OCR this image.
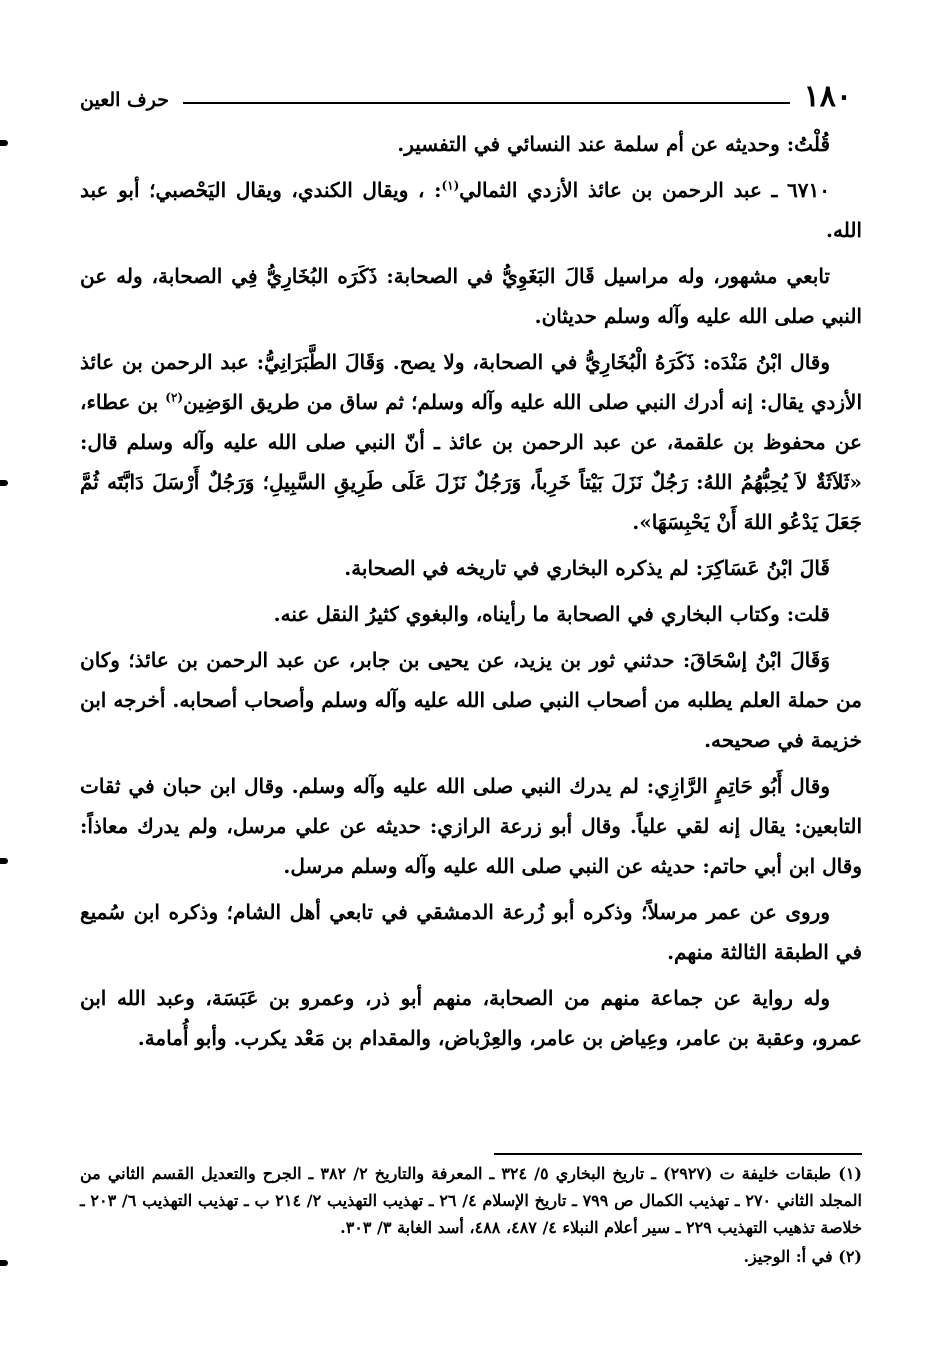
١٨٠
حرف العين

قُلْتُ: وحديثه عن أم سلمة عند النسائي في التفسير.

٦٧١٠ ـ عبد الرحمن بن عائذ الأزدي الثمالي$^{(١)}$: ، ويقال الكندي، ويقال اليَحْصبي؛ أبو عبد الله.

تابعي مشهور، وله مراسيل قَالَ البَغَوِيُّ في الصحابة: ذَكَرَه البُخَارِيُّ فِي الصحابة، وله عن النبي صلى الله عليه وآله وسلم حديثان.

وقال ابْنُ مَنْدَه: ذَكَرَهُ الْبُخَارِيُّ في الصحابة، ولا يصح. وَقَالَ الطَّبَرَانِيُّ: عبد الرحمن بن عائذ الأزدي يقال: إنه أدرك النبي صلى الله عليه وآله وسلم؛ ثم ساق من طريق الوَضِين$^{(٢)}$ بن عطاء، عن محفوظ بن علقمة، عن عبد الرحمن بن عائذ ـ أنّ النبي صلى الله عليه وآله وسلم قال: «ثَلاَثَةٌ لاَ يُحِبُّهُمُ اللهُ: رَجُلٌ نَزَلَ بَيْتاً خَرِباً، وَرَجُلٌ نَزَلَ عَلَى طَرِيقِ السَّبِيلِ؛ وَرَجُلٌ أَرْسَلَ دَابَّتَه ثُمَّ جَعَلَ يَدْعُو اللهَ أَنْ يَحْبِسَهَا».

قَالَ ابْنُ عَسَاكِرَ: لم يذكره البخاري في تاريخه في الصحابة.

قلت: وكتاب البخاري في الصحابة ما رأيناه، والبغوي كثيرُ النقل عنه.

وَقَالَ ابْنُ إسْحَاقَ: حدثني ثور بن يزيد، عن يحيى بن جابر، عن عبد الرحمن بن عائذ؛ وكان من حملة العلم يطلبه من أصحاب النبي صلى الله عليه وآله وسلم وأصحاب أصحابه. أخرجه ابن خزيمة في صحيحه.

وقال أَبُو حَاتِمٍ الرَّازِي: لم يدرك النبي صلى الله عليه وآله وسلم. وقال ابن حبان في ثقات التابعين: يقال إنه لقي علياً. وقال أبو زرعة الرازي: حديثه عن علي مرسل، ولم يدرك معاذاً: وقال ابن أبي حاتم: حديثه عن النبي صلى الله عليه وآله وسلم مرسل.

وروى عن عمر مرسلاً؛ وذكره أبو زُرعة الدمشقي في تابعي أهل الشام؛ وذكره ابن سُميع في الطبقة الثالثة منهم.

وله رواية عن جماعة منهم من الصحابة، منهم أبو ذر، وعمرو بن عَبَسَة، وعبد الله ابن عمرو، وعقبة بن عامر، وعِياض بن عامر، والعِرْباض، والمقدام بن مَعْد يكرب. وأبو أُمامة.

(١) طبقات خليفة ت (٢٩٢٧) ـ تاريخ البخاري ٥/ ٣٢٤ ـ المعرفة والتاريخ ٢/ ٣٨٢ ـ الجرح والتعديل القسم الثاني من المجلد الثاني ٢٧٠ ـ تهذيب الكمال ص ٧٩٩ ـ تاريخ الإسلام ٤/ ٢٦ ـ تهذيب التهذيب ٢/ ٢١٤ ب ـ تهذيب التهذيب ٦/ ٢٠٣ ـ خلاصة تذهيب التهذيب ٢٢٩ ـ سير أعلام النبلاء ٤/ ٤٨٧، ٤٨٨، أسد الغابة ٣/ ٣٠٣.

(٢) في أ: الوجيز.
